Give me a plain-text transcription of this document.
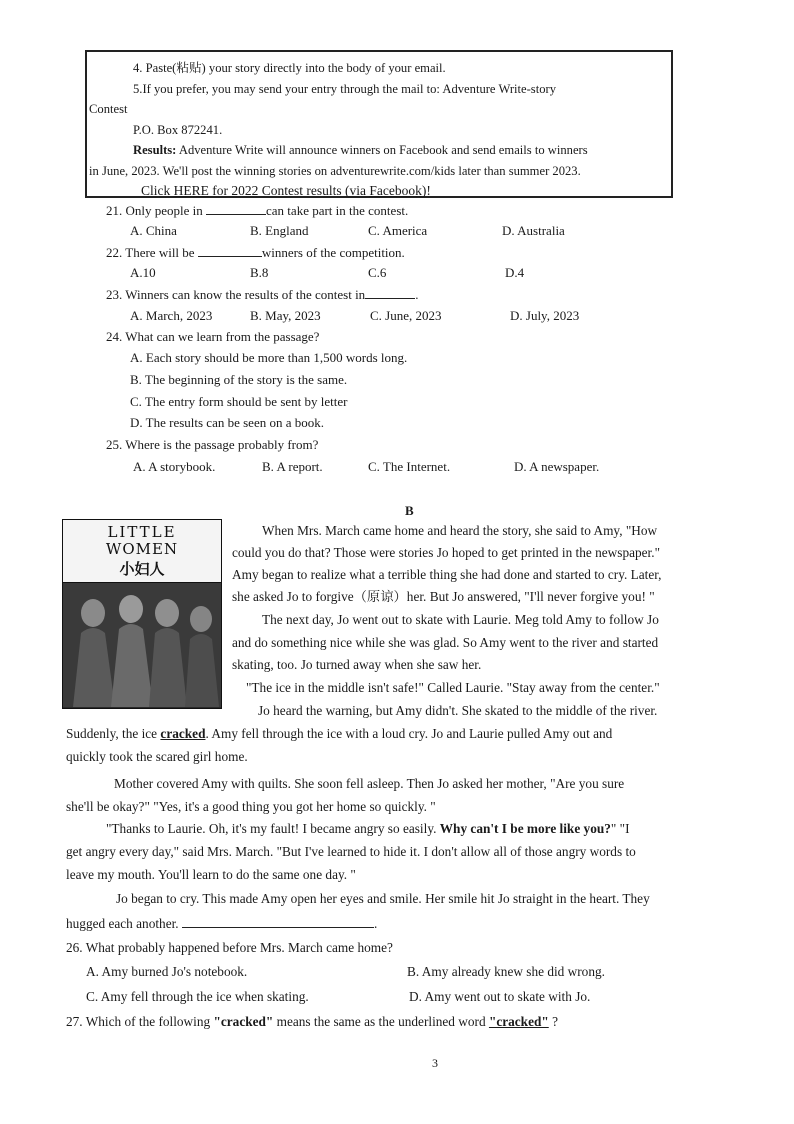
4. Paste(粘贴) your story directly into the body of your email.

5.If you prefer, you may send your entry through the mail to: Adventure Write-story

Contest

P.O. Box 872241.

Results: Adventure Write will announce winners on Facebook and send emails to winners

in June, 2023. We'll post the winning stories on adventurewrite.com/kids later than summer 2023.

Click HERE for 2022 Contest results (via Facebook)!

21. Only people in	can take part in the contest.
A. China	B. England	C. America	D. Australia
22. There will be	winners of the competition.
A.10	B.8	C.6	D.4
23. Winners can know the results of the contest in	.
A. March, 2023	B. May, 2023	C. June, 2023	D. July, 2023
24. What can we learn from the passage?
A. Each story should be more than 1,500 words long.
B. The beginning of the story is the same.
C. The entry form should be sent by letter
D. The results can be seen on a book.
25. Where is the passage probably from?
A. A storybook.	B. A report.	C. The Internet.	D. A newspaper.
B
LITTLE
WOMEN
小妇人
When Mrs. March came home and heard the story, she said to Amy, "How
could you do that? Those were stories Jo hoped to get printed in the newspaper."
Amy began to realize what a terrible thing she had done and started to cry. Later,
she asked Jo to forgive（原谅）her. But Jo answered, "I'll never forgive you! "
The next day, Jo went out to skate with Laurie. Meg told Amy to follow Jo
and do something nice while she was glad. So Amy went to the river and started
skating, too. Jo turned away when she saw her.
"The ice in the middle isn't safe!" Called Laurie. "Stay away from the center."
Jo heard the warning, but Amy didn't. She skated to the middle of the river.
Suddenly, the ice cracked. Amy fell through the ice with a loud cry. Jo and Laurie pulled Amy out and
quickly took the scared girl home.
Mother covered Amy with quilts. She soon fell asleep. Then Jo asked her mother, "Are you sure
she'll be okay?" "Yes, it's a good thing you got her home so quickly. "
"Thanks to Laurie. Oh, it's my fault! I became angry so easily. Why can't I be more like you?" "I
get angry every day," said Mrs. March. "But I've learned to hide it. I don't allow all of those angry words to
leave my mouth. You'll learn to do the same one day. "
Jo began to cry. This made Amy open her eyes and smile. Her smile hit Jo straight in the heart. They
hugged each another.	.
26. What probably happened before Mrs. March came home?
A. Amy burned Jo's notebook.	B. Amy already knew she did wrong.
C. Amy fell through the ice when skating.	D. Amy went out to skate with Jo.
27. Which of the following "cracked" means the same as the underlined word "cracked" ?
3
